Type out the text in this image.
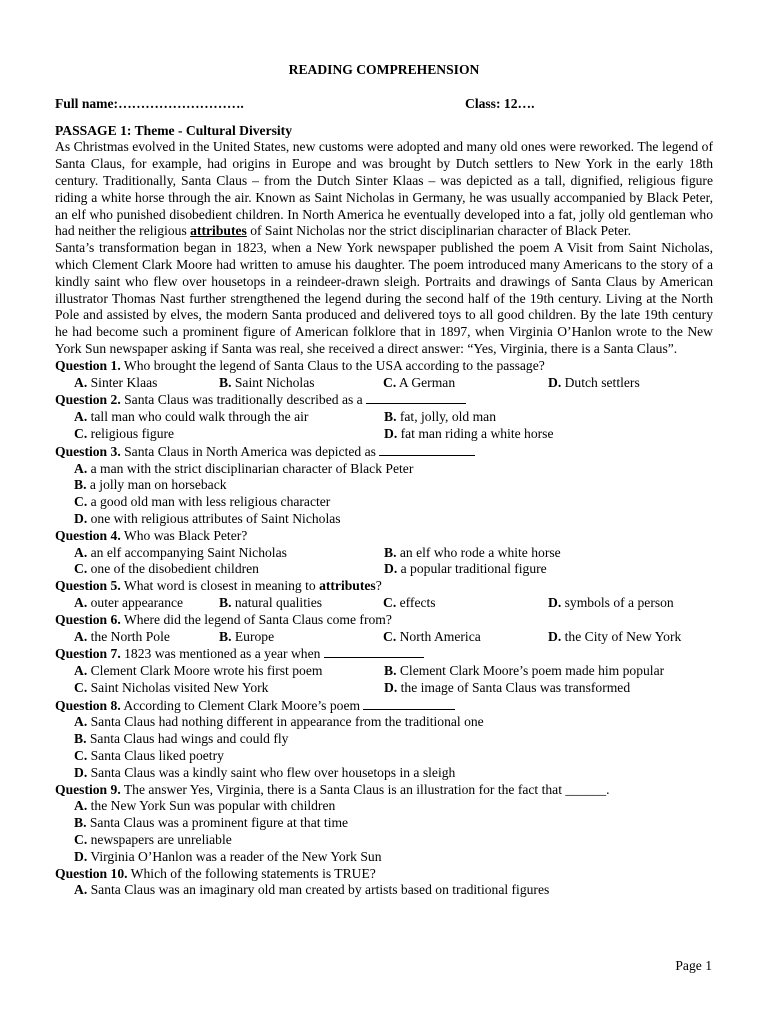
READING COMPREHENSION
Full name:……………………….	Class: 12….
PASSAGE 1: Theme - Cultural Diversity
As Christmas evolved in the United States, new customs were adopted and many old ones were reworked. The legend of Santa Claus, for example, had origins in Europe and was brought by Dutch settlers to New York in the early 18th century. Traditionally, Santa Claus – from the Dutch Sinter Klaas – was depicted as a tall, dignified, religious figure riding a white horse through the air. Known as Saint Nicholas in Germany, he was usually accompanied by Black Peter, an elf who punished disobedient children. In North America he eventually developed into a fat, jolly old gentleman who had neither the religious attributes of Saint Nicholas nor the strict disciplinarian character of Black Peter.
Santa’s transformation began in 1823, when a New York newspaper published the poem A Visit from Saint Nicholas, which Clement Clark Moore had written to amuse his daughter. The poem introduced many Americans to the story of a kindly saint who flew over housetops in a reindeer-drawn sleigh. Portraits and drawings of Santa Claus by American illustrator Thomas Nast further strengthened the legend during the second half of the 19th century. Living at the North Pole and assisted by elves, the modern Santa produced and delivered toys to all good children. By the late 19th century he had become such a prominent figure of American folklore that in 1897, when Virginia O’Hanlon wrote to the New York Sun newspaper asking if Santa was real, she received a direct answer: “Yes, Virginia, there is a Santa Claus”.
Question 1. Who brought the legend of Santa Claus to the USA according to the passage?
A. Sinter Klaas	B. Saint Nicholas	C. A German	D. Dutch settlers
Question 2. Santa Claus was traditionally described as a
A. tall man who could walk through the air	B. fat, jolly, old man
C. religious figure	D. fat man riding a white horse
Question 3. Santa Claus in North America was depicted as
A. a man with the strict disciplinarian character of Black Peter
B. a jolly man on horseback
C. a good old man with less religious character
D. one with religious attributes of Saint Nicholas
Question 4. Who was Black Peter?
A. an elf accompanying Saint Nicholas	B. an elf who rode a white horse
C. one of the disobedient children	D. a popular traditional figure
Question 5. What word is closest in meaning to attributes?
A. outer appearance	B. natural qualities	C. effects	D. symbols of a person
Question 6. Where did the legend of Santa Claus come from?
A. the North Pole	B. Europe	C. North America	D. the City of New York
Question 7. 1823 was mentioned as a year when
A. Clement Clark Moore wrote his first poem	B. Clement Clark Moore’s poem made him popular
C. Saint Nicholas visited New York	D. the image of Santa Claus was transformed
Question 8. According to Clement Clark Moore’s poem
A. Santa Claus had nothing different in appearance from the traditional one
B. Santa Claus had wings and could fly
C. Santa Claus liked poetry
D. Santa Claus was a kindly saint who flew over housetops in a sleigh
Question 9. The answer Yes, Virginia, there is a Santa Claus is an illustration for the fact that ______.
A. the New York Sun was popular with children
B. Santa Claus was a prominent figure at that time
C. newspapers are unreliable
D. Virginia O’Hanlon was a reader of the New York Sun
Question 10. Which of the following statements is TRUE?
A. Santa Claus was an imaginary old man created by artists based on traditional figures
Page 1
